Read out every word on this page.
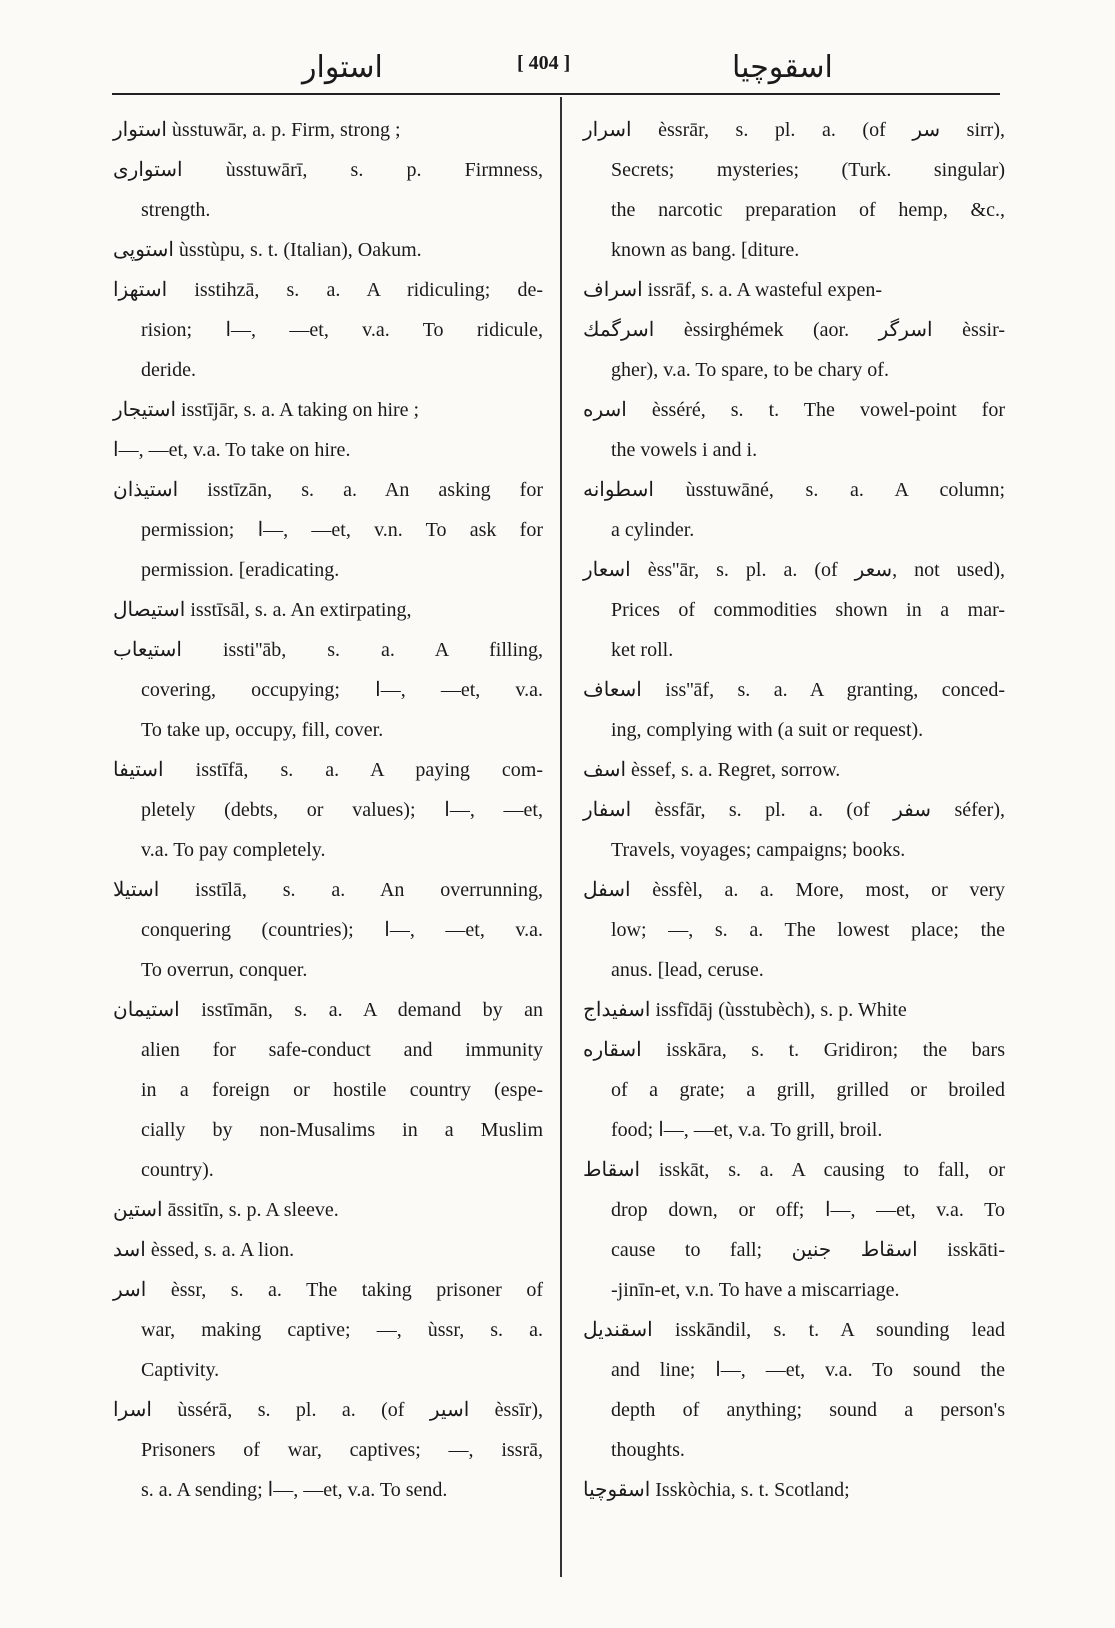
استوار	[ 404 ]	اسقوچیا
استوار ùsstuwār, a. p. Firm, strong ;
استواری ùsstuwārī, s. p. Firmness,
strength.
استوپی ùsstùpu, s. t. (Italian), Oakum.
استهزا isstihzā, s. a. A ridiculing; de-
rision; ا—, —et, v.a. To ridicule,
deride.
استیجار isstījār, s. a. A taking on hire ;
ا—, —et, v.a. To take on hire.
استیذان isstīzān, s. a. An asking for
permission; ا—, —et, v.n. To ask for
permission. [eradicating.
استیصال isstīsāl, s. a. An extirpating,
استیعاب issti''āb, s. a. A filling,
covering, occupying; ا—, —et, v.a.
To take up, occupy, fill, cover.
استیفا isstīfā, s. a. A paying com-
pletely (debts, or values); ا—, —et,
v.a. To pay completely.
استیلا isstīlā, s. a. An overrunning,
conquering (countries); ا—, —et, v.a.
To overrun, conquer.
استیمان isstīmān, s. a. A demand by an
alien for safe-conduct and immunity
in a foreign or hostile country (espe-
cially by non-Musalims in a Muslim
country).
استین āssitīn, s. p. A sleeve.
اسد èssed, s. a. A lion.
اسر èssr, s. a. The taking prisoner of
war, making captive; —, ùssr, s. a.
Captivity.
اسرا ùssérā, s. pl. a. (of اسیر èssīr),
Prisoners of war, captives; —, issrā,
s. a. A sending; ا—, —et, v.a. To send.
اسرار èssrār, s. pl. a. (of سر sirr),
Secrets; mysteries; (Turk. singular)
the narcotic preparation of hemp, &c.,
known as bang. [diture.
اسراف issrāf, s. a. A wasteful expen-
اسرگمك èssirghémek (aor. اسرگر èssir-
gher), v.a. To spare, to be chary of.
اسره èsséré, s. t. The vowel-point for
the vowels i and i.
اسطوانه ùsstuwāné, s. a. A column;
a cylinder.
اسعار èss''ār, s. pl. a. (of سعر, not used),
Prices of commodities shown in a mar-
ket roll.
اسعاف iss''āf, s. a. A granting, conced-
ing, complying with (a suit or request).
اسف èssef, s. a. Regret, sorrow.
اسفار èssfār, s. pl. a. (of سفر séfer),
Travels, voyages; campaigns; books.
اسفل èssfèl, a. a. More, most, or very
low; —, s. a. The lowest place; the
anus. [lead, ceruse.
اسفیداج issfīdāj (ùsstubèch), s. p. White
اسقاره isskāra, s. t. Gridiron; the bars
of a grate; a grill, grilled or broiled
food; ا—, —et, v.a. To grill, broil.
اسقاط isskāt, s. a. A causing to fall, or
drop down, or off; ا—, —et, v.a. To
cause to fall; اسقاط جنین isskāti-
-jinīn-et, v.n. To have a miscarriage.
اسقندیل isskāndil, s. t. A sounding lead
and line; ا—, —et, v.a. To sound the
depth of anything; sound a person's
thoughts.
اسقوچیا Isskòchia, s. t. Scotland;
